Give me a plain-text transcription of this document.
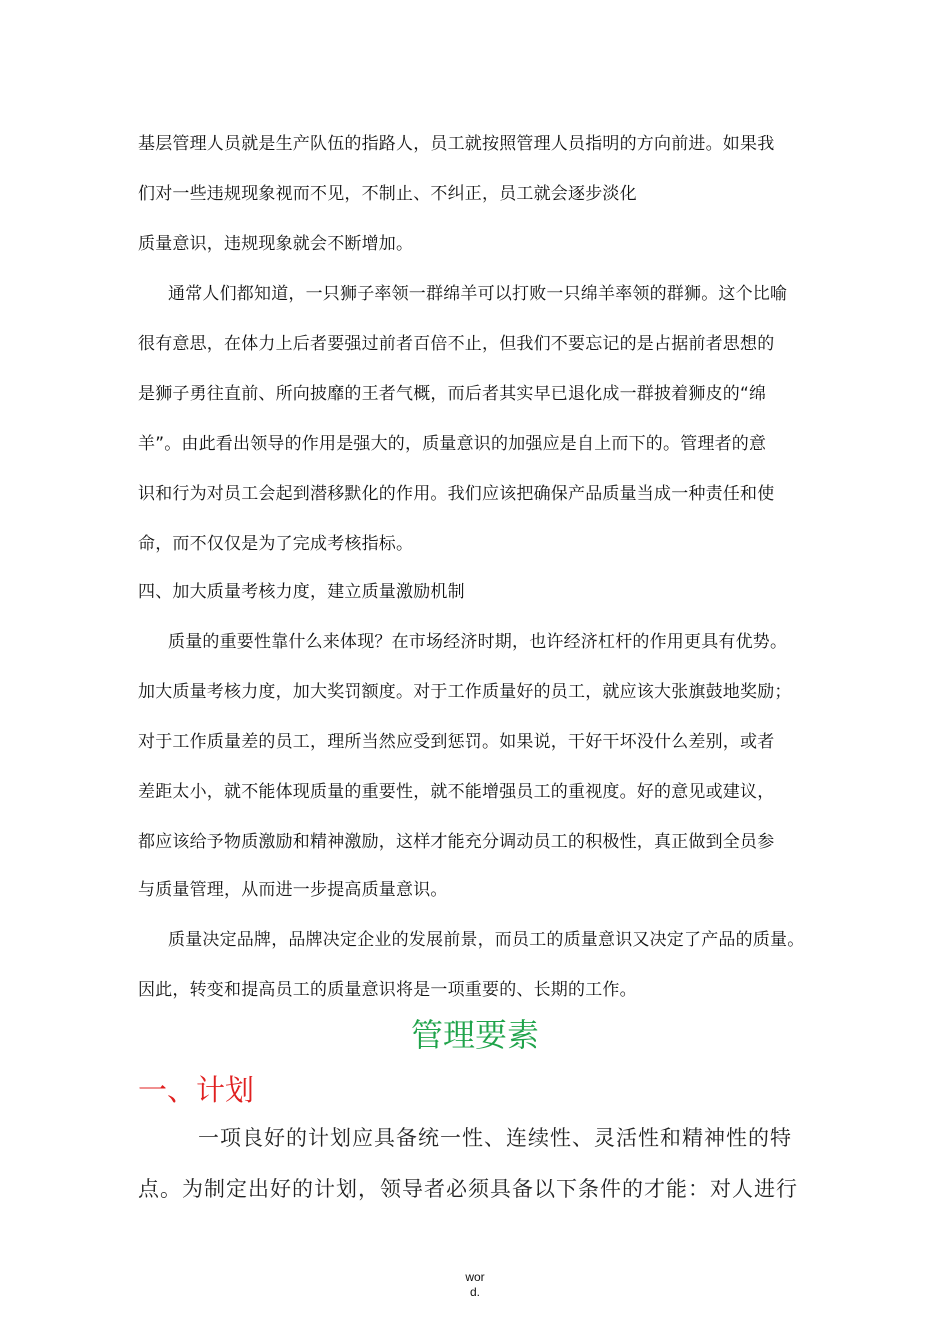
基层管理人员就是生产队伍的指路人，员工就按照管理人员指明的方向前进。如果我
们对一些违规现象视而不见，不制止、不纠正，员工就会逐步淡化
质量意识，违规现象就会不断增加。
通常人们都知道，一只狮子率领一群绵羊可以打败一只绵羊率领的群狮。这个比喻
很有意思，在体力上后者要强过前者百倍不止，但我们不要忘记的是占据前者思想的
是狮子勇往直前、所向披靡的王者气概，而后者其实早已退化成一群披着狮皮的“绵
羊”。由此看出领导的作用是强大的，质量意识的加强应是自上而下的。管理者的意
识和行为对员工会起到潜移默化的作用。我们应该把确保产品质量当成一种责任和使
命，而不仅仅是为了完成考核指标。
四、加大质量考核力度，建立质量激励机制
质量的重要性靠什么来体现？在市场经济时期，也许经济杠杆的作用更具有优势。
加大质量考核力度，加大奖罚额度。对于工作质量好的员工，就应该大张旗鼓地奖励；
对于工作质量差的员工，理所当然应受到惩罚。如果说，干好干坏没什么差别，或者
差距太小，就不能体现质量的重要性，就不能增强员工的重视度。好的意见或建议，
都应该给予物质激励和精神激励，这样才能充分调动员工的积极性，真正做到全员参
与质量管理，从而进一步提高质量意识。
质量决定品牌，品牌决定企业的发展前景，而员工的质量意识又决定了产品的质量。
因此，转变和提高员工的质量意识将是一项重要的、长期的工作。
管理要素
一、计划
一项良好的计划应具备统一性、连续性、灵活性和精神性的特
点。为制定出好的计划，领导者必须具备以下条件的才能：对人进行
wor
d.
